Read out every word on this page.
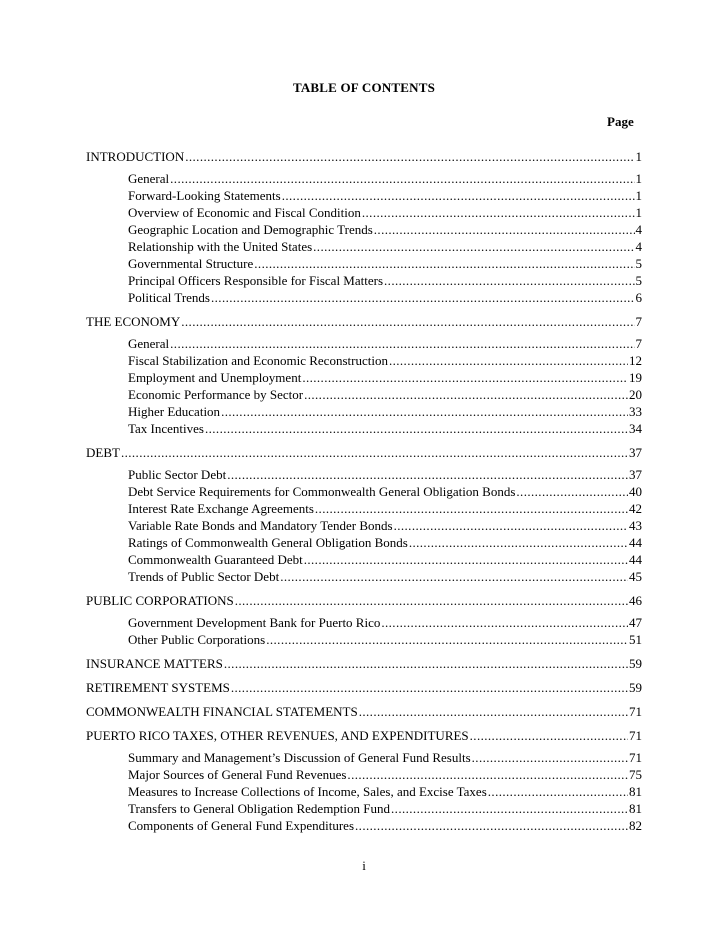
TABLE OF CONTENTS
Page
INTRODUCTION .....	1
General .....	1
Forward-Looking Statements .....	1
Overview of Economic and Fiscal Condition .....	1
Geographic Location and Demographic Trends .....	4
Relationship with the United States .....	4
Governmental Structure .....	5
Principal Officers Responsible for Fiscal Matters .....	5
Political Trends .....	6
THE ECONOMY .....	7
General .....	7
Fiscal Stabilization and Economic Reconstruction .....	12
Employment and Unemployment .....	19
Economic Performance by Sector .....	20
Higher Education .....	33
Tax Incentives .....	34
DEBT .....	37
Public Sector Debt .....	37
Debt Service Requirements for Commonwealth General Obligation Bonds .....	40
Interest Rate Exchange Agreements .....	42
Variable Rate Bonds and Mandatory Tender Bonds .....	43
Ratings of Commonwealth General Obligation Bonds .....	44
Commonwealth Guaranteed Debt .....	44
Trends of Public Sector Debt .....	45
PUBLIC CORPORATIONS .....	46
Government Development Bank for Puerto Rico .....	47
Other Public Corporations .....	51
INSURANCE MATTERS .....	59
RETIREMENT SYSTEMS .....	59
COMMONWEALTH FINANCIAL STATEMENTS .....	71
PUERTO RICO TAXES, OTHER REVENUES, AND EXPENDITURES .....	71
Summary and Management’s Discussion of General Fund Results .....	71
Major Sources of General Fund Revenues .....	75
Measures to Increase Collections of Income, Sales, and Excise Taxes .....	81
Transfers to General Obligation Redemption Fund .....	81
Components of General Fund Expenditures .....	82
i
